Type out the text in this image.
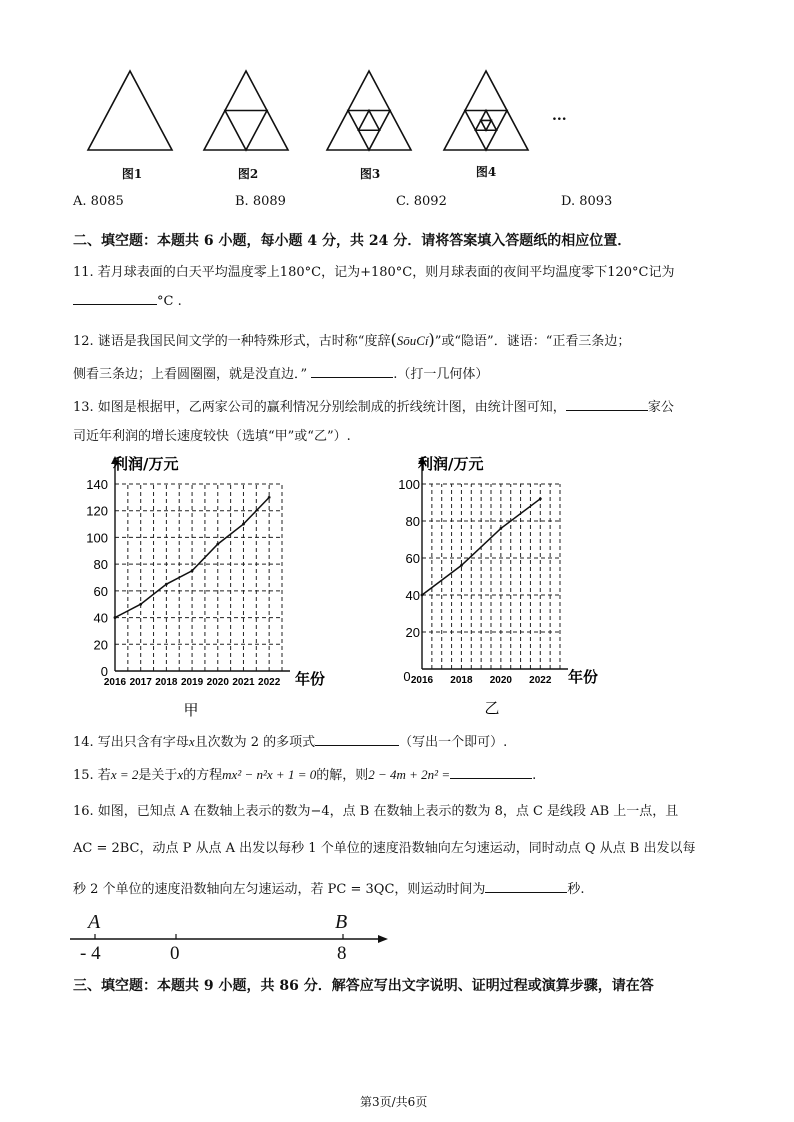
...
图1	图2	图3	图4
A. 8085	B. 8089	C. 8092	D. 8093
二、填空题：本题共 6 小题，每小题 4 分，共 24 分．请将答案填入答题纸的相应位置．
11. 若月球表面的白天平均温度零上180°C，记为+180°C，则月球表面的夜间平均温度零下120°C记为
°C .
12. 谜语是我国民间文学的一种特殊形式，古时称“度辞(SōuCí)”或“隐语”．谜语：“正看三条边；
侧看三条边；上看圆圈圈，就是没直边．”	.（打一几何体）
13. 如图是根据甲，乙两家公司的赢利情况分别绘制成的折线统计图，由统计图可知，	家公
司近年利润的增长速度较快（选填“甲”或“乙”）.
0
20
40
60
80
100
120
140
2016 2017 2018 2019 2020 2021 2022
利润/万元
年份
甲
20
40
60
80
100
0 2016 2018 2020 2022
利润/万元
年份
乙
14. 写出只含有字母x且次数为 2 的多项式	（写出一个即可）.
15. 若x = 2是关于x的方程mx² − n²x + 1 = 0的解，则2 − 4m + 2n² =	.
16. 如图，已知点 A 在数轴上表示的数为−4，点 B 在数轴上表示的数为 8，点 C 是线段 AB 上一点，且
AC = 2BC，动点 P 从点 A 出发以每秒 1 个单位的速度沿数轴向左匀速运动，同时动点 Q 从点 B 出发以每
秒 2 个单位的速度沿数轴向左匀速运动，若 PC = 3QC，则运动时间为	秒.
A	B
- 4	0	8
三、填空题：本题共 9 小题，共 86 分．解答应写出文字说明、证明过程或演算步骤，请在答
第3页/共6页
